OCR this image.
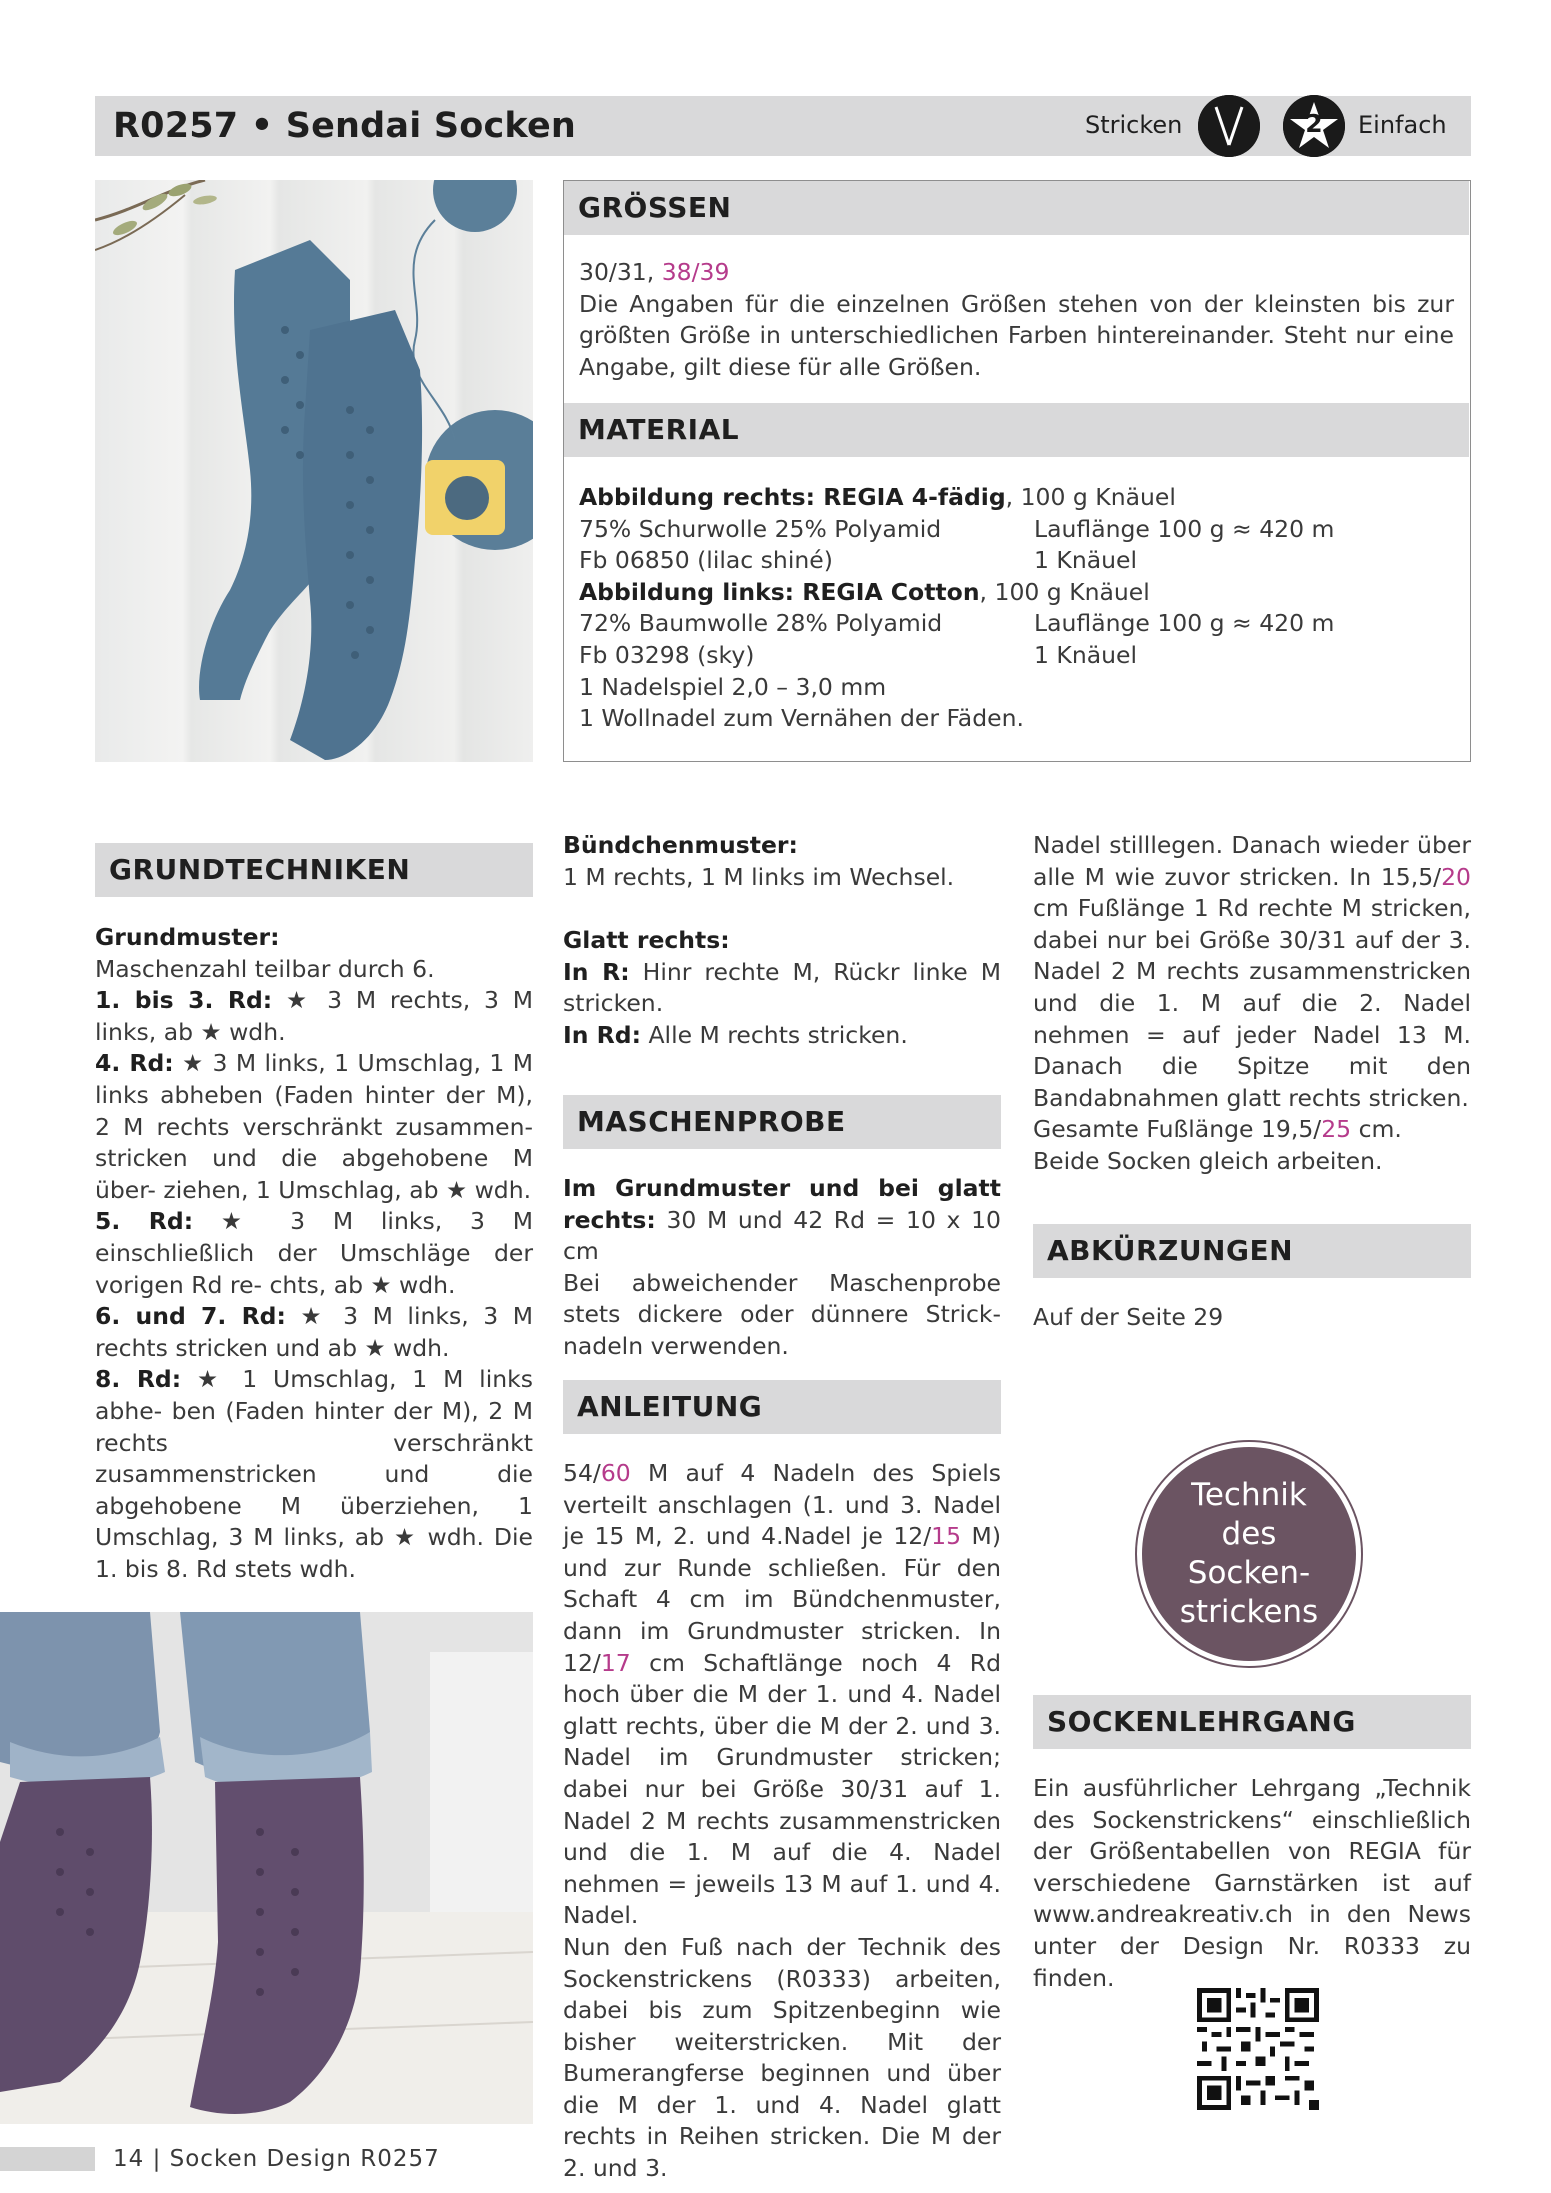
R0257 • Sendai Socken	Stricken	2	Einfach
GRÖSSEN
30/31, 38/39
Die Angaben für die einzelnen Größen stehen von der kleinsten bis zur größten Größe in unterschiedlichen Farben hintereinander. Steht nur eine Angabe, gilt diese für alle Größen.
MATERIAL
Abbildung rechts: REGIA 4-fädig, 100 g Knäuel
75% Schurwolle 25% Polyamid	Lauflänge 100 g ≈ 420 m
Fb 06850 (lilac shiné)	1 Knäuel
Abbildung links: REGIA Cotton, 100 g Knäuel
72% Baumwolle 28% Polyamid	Lauflänge 100 g ≈ 420 m
Fb 03298 (sky)	1 Knäuel
1 Nadelspiel 2,0 – 3,0 mm
1 Wollnadel zum Vernähen der Fäden.
GRUNDTECHNIKEN
Grundmuster:
Maschenzahl teilbar durch 6.
1. bis 3. Rd: ★ 3 M rechts, 3 M links, ab ★ wdh.
4. Rd: ★ 3 M links, 1 Umschlag, 1 M links abheben (Faden hinter der M), 2 M rechts verschränkt zusammen- stricken und die abgehobene M über- ziehen, 1 Umschlag, ab ★ wdh.
5. Rd: ★ 3 M links, 3 M einschließlich der Umschläge der vorigen Rd re- chts, ab ★ wdh.
6. und 7. Rd: ★ 3 M links, 3 M rechts stricken und ab ★ wdh.
8. Rd: ★ 1 Umschlag, 1 M links abhe- ben (Faden hinter der M), 2 M rechts verschränkt zusammenstricken und die abgehobene M überziehen, 1 Umschlag, 3 M links, ab ★ wdh. Die 1. bis 8. Rd stets wdh.
Bündchenmuster:
1 M rechts, 1 M links im Wechsel.
Glatt rechts:
In R: Hinr rechte M, Rückr linke M stricken.
In Rd: Alle M rechts stricken.
MASCHENPROBE
Im Grundmuster und bei glatt rechts: 30 M und 42 Rd = 10 x 10 cm
Bei abweichender Maschenprobe stets dickere oder dünnere Strick- nadeln verwenden.
ANLEITUNG
54/60 M auf 4 Nadeln des Spiels verteilt anschlagen (1. und 3. Nadel je 15 M, 2. und 4.Nadel je 12/15 M) und zur Runde schließen. Für den Schaft 4 cm im Bündchenmuster, dann im Grundmuster stricken. In 12/17 cm Schaftlänge noch 4 Rd hoch über die M der 1. und 4. Nadel glatt rechts, über die M der 2. und 3. Nadel im Grundmuster stricken; dabei nur bei Größe 30/31 auf 1. Nadel 2 M rechts zusammenstricken und die 1. M auf die 4. Nadel nehmen = jeweils 13 M auf 1. und 4. Nadel.
Nun den Fuß nach der Technik des Sockenstrickens (R0333) arbeiten, dabei bis zum Spitzenbeginn wie bisher weiterstricken. Mit der Bumerangferse beginnen und über die M der 1. und 4. Nadel glatt rechts in Reihen stricken. Die M der 2. und 3.
Nadel stilllegen. Danach wieder über alle M wie zuvor stricken. In 15,5/20 cm Fußlänge 1 Rd rechte M stricken, dabei nur bei Größe 30/31 auf der 3. Nadel 2 M rechts zusammenstricken und die 1. M auf die 2. Nadel nehmen = auf jeder Nadel 13 M. Danach die Spitze mit den Bandabnahmen glatt rechts stricken.
Gesamte Fußlänge 19,5/25 cm.
Beide Socken gleich arbeiten.
ABKÜRZUNGEN
Auf der Seite 29
Technik
des
Socken-
strickens
SOCKENLEHRGANG
Ein ausführlicher Lehrgang „Technik des Sockenstrickens“ einschließlich der Größentabellen von REGIA für verschiedene Garnstärken ist auf www.andreakreativ.ch in den News unter der Design Nr. R0333 zu finden.
14 | Socken Design R0257
